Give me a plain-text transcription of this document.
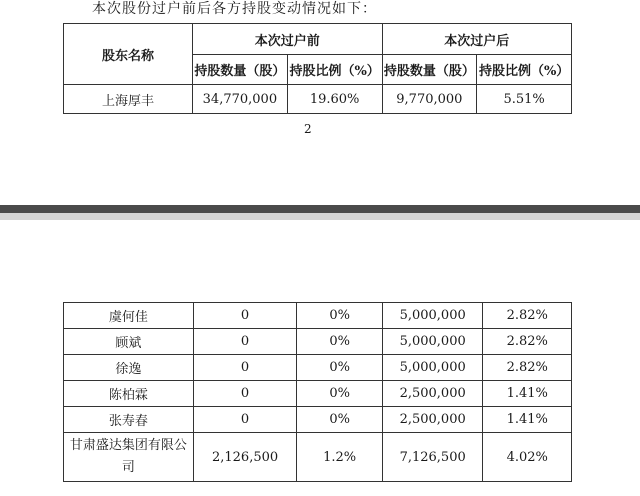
本次股份过户前后各方持股变动情况如下：
股东名称	本次过户前		本次过户后	
	持股数量（股）	持股比例（%）	持股数量（股）	持股比例（%）
上海厚丰	34,770,000	19.60%	9,770,000	5.51%
2
虞何佳	0	0%	5,000,000	2.82%
顾斌	0	0%	5,000,000	2.82%
徐逸	0	0%	5,000,000	2.82%
陈柏霖	0	0%	2,500,000	1.41%
张寿春	0	0%	2,500,000	1.41%
甘肃盛达集团有限公司	2,126,500	1.2%	7,126,500	4.02%
